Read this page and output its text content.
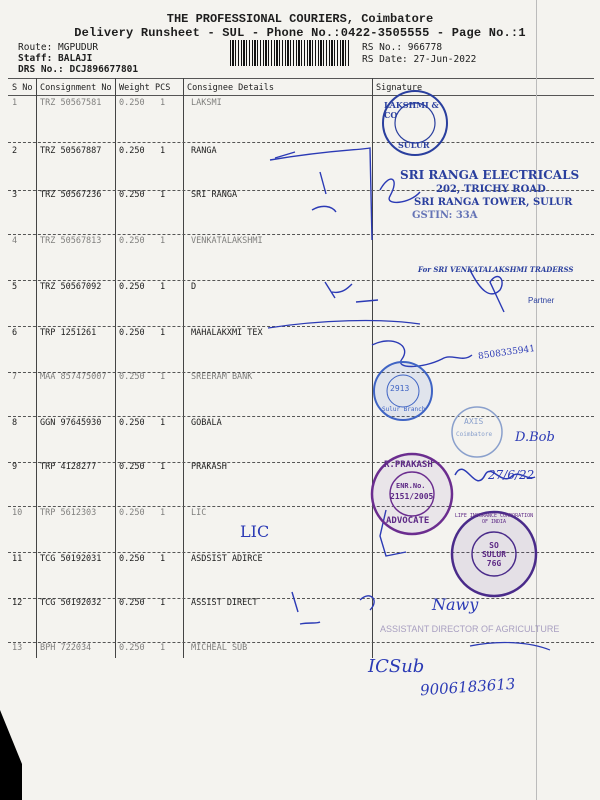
THE PROFESSIONAL COURIERS, Coimbatore
Delivery Runsheet - SUL - Phone No.:0422-3505555 - Page No.:1
Route: MGPUDUR
Staff: BALAJI
DRS No.: DCJ896677801
RS No.: 966778
RS Date: 27-Jun-2022
S No Consignment No Weight PCS Consignee Details	Signature
1	TRZ 50567581 0.250 1	LAKSMI
2	TRZ 50567887 0.250 1	RANGA
3	TRZ 50567236 0.250 1	SRI RANGA
4	TRZ 50567813 0.250 1	VENKATALAKSHMI
5	TRZ 50567092 0.250 1	D
6	TRP 1251261	0.250 1	MAHALAKXMI TEX
7	MAA 857475007 0.250 1	SREERAM BANK
8	GGN 97645930 0.250 1	GOBALA
9	TRP 4128277	0.250 1	PRAKASH
10 TRP 5612303	0.250 1	LIC
11 TCG 50192031 0.250 1	ASDSIST ADIRCE
12 TCG 50192032 0.250 1	ASSIST DIRECT
13 BPH 722034	0.250 1	MICHEAL SUB
LAKSHMI & CO
SULUR
SRI RANGA ELECTRICALS
202, TRICHY ROAD
SRI RANGA TOWER, SULUR
GSTIN: 33A
For SRI VENKATALAKSHMI TRADERSS
Partner
2913
Sulur Branch
AXIS
Coimbatore D.Bob
R.PRAKASH
ENR.No.
2151/2005
ADVOCATE
27/6/22
LIFE INSURANCE CORPORATION OF INDIA
SO SULUR 76G
LIC
8508335941
Nawy
ASSISTANT DIRECTOR OF AGRICULTURE
ICSub
9006183613
